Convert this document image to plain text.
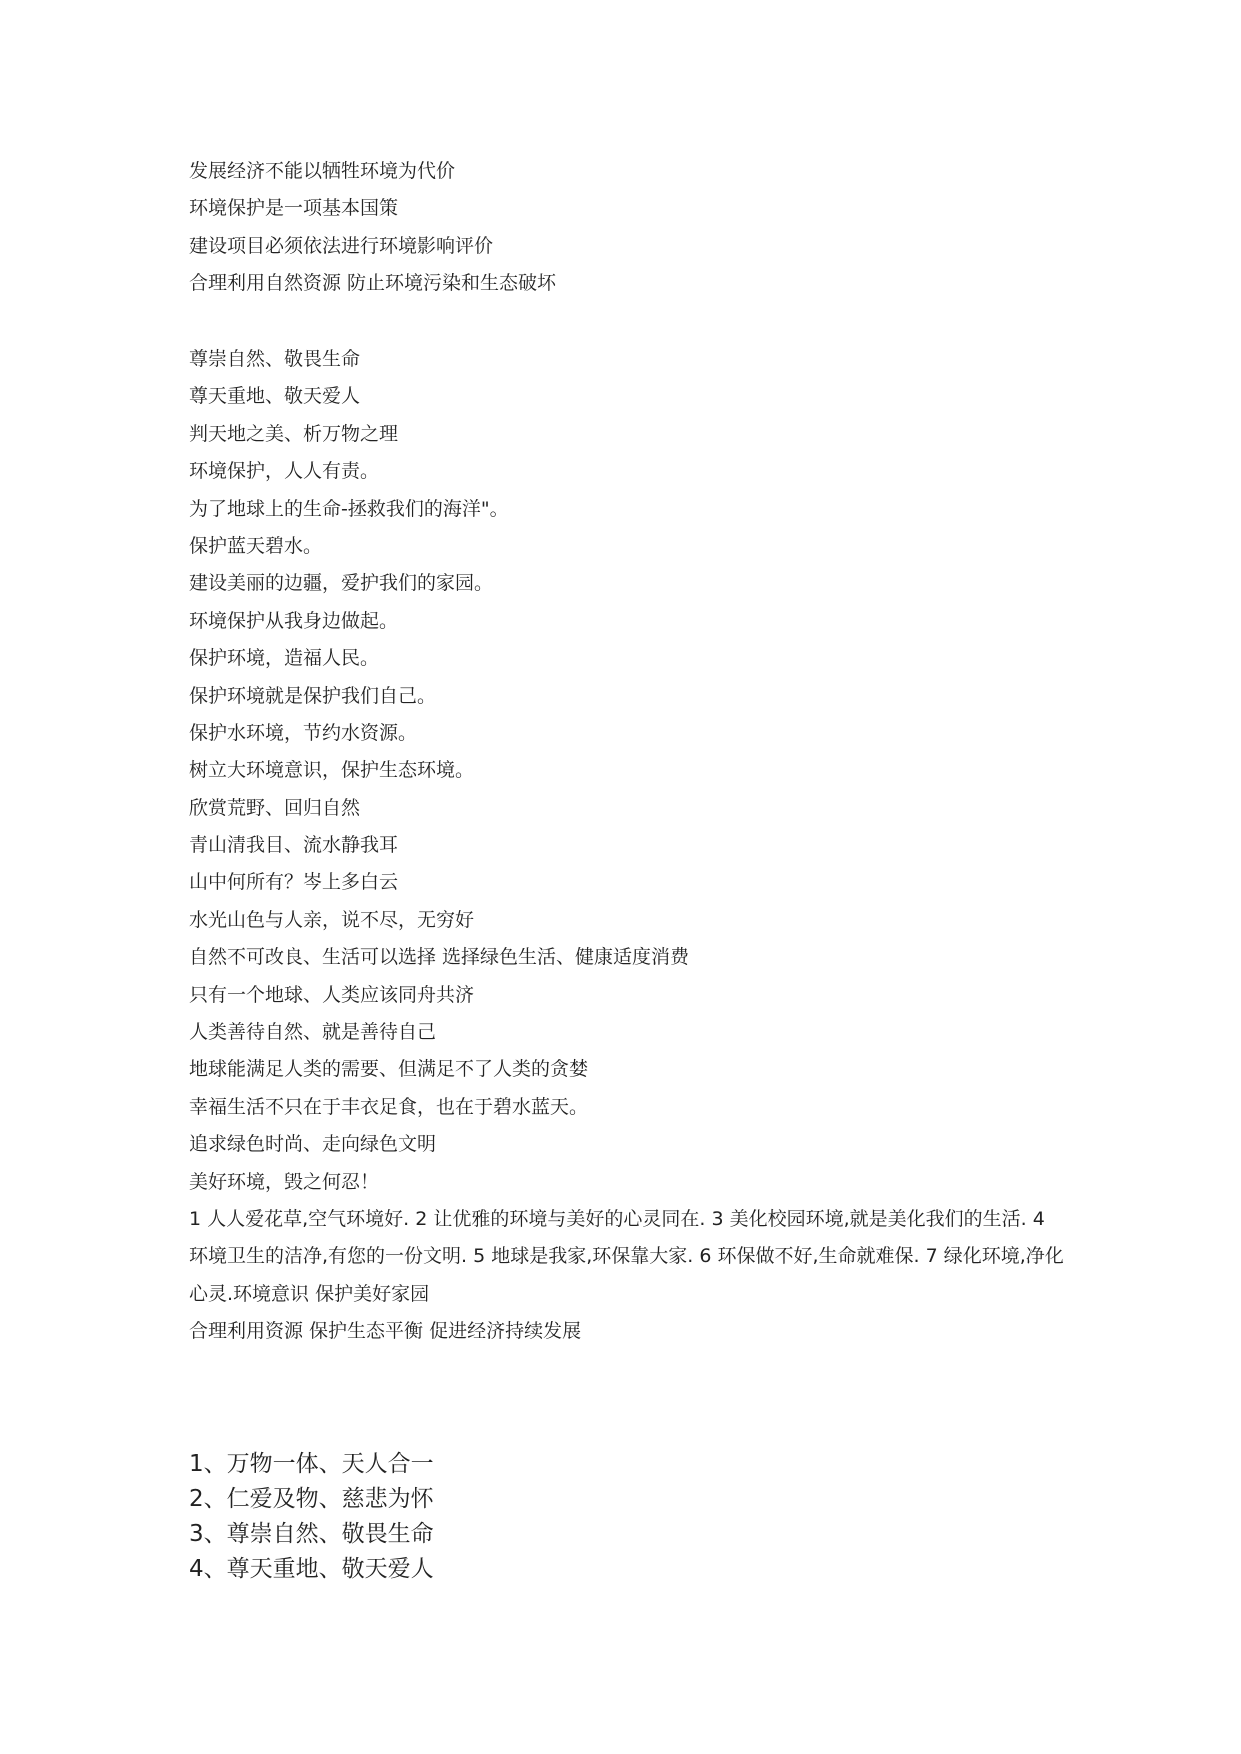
发展经济不能以牺牲环境为代价
环境保护是一项基本国策
建设项目必须依法进行环境影响评价
合理利用自然资源 防止环境污染和生态破坏
尊崇自然、敬畏生命
尊天重地、敬天爱人
判天地之美、析万物之理
环境保护，人人有责。
为了地球上的生命-拯救我们的海洋"。
保护蓝天碧水。
建设美丽的边疆，爱护我们的家园。
环境保护从我身边做起。
保护环境，造福人民。
保护环境就是保护我们自己。
保护水环境，节约水资源。
树立大环境意识，保护生态环境。
欣赏荒野、回归自然
青山清我目、流水静我耳
山中何所有？岑上多白云
水光山色与人亲，说不尽，无穷好
自然不可改良、生活可以选择 选择绿色生活、健康适度消费
只有一个地球、人类应该同舟共济
人类善待自然、就是善待自己
地球能满足人类的需要、但满足不了人类的贪婪
幸福生活不只在于丰衣足食，也在于碧水蓝天。
追求绿色时尚、走向绿色文明
美好环境，毁之何忍！
1 人人爱花草,空气环境好. 2 让优雅的环境与美好的心灵同在. 3 美化校园环境,就是美化我们的生活. 4 环境卫生的洁净,有您的一份文明. 5 地球是我家,环保靠大家. 6 环保做不好,生命就难保. 7 绿化环境,净化心灵.环境意识 保护美好家园
合理利用资源 保护生态平衡 促进经济持续发展
1、万物一体、天人合一
2、仁爱及物、慈悲为怀
3、尊崇自然、敬畏生命
4、尊天重地、敬天爱人
